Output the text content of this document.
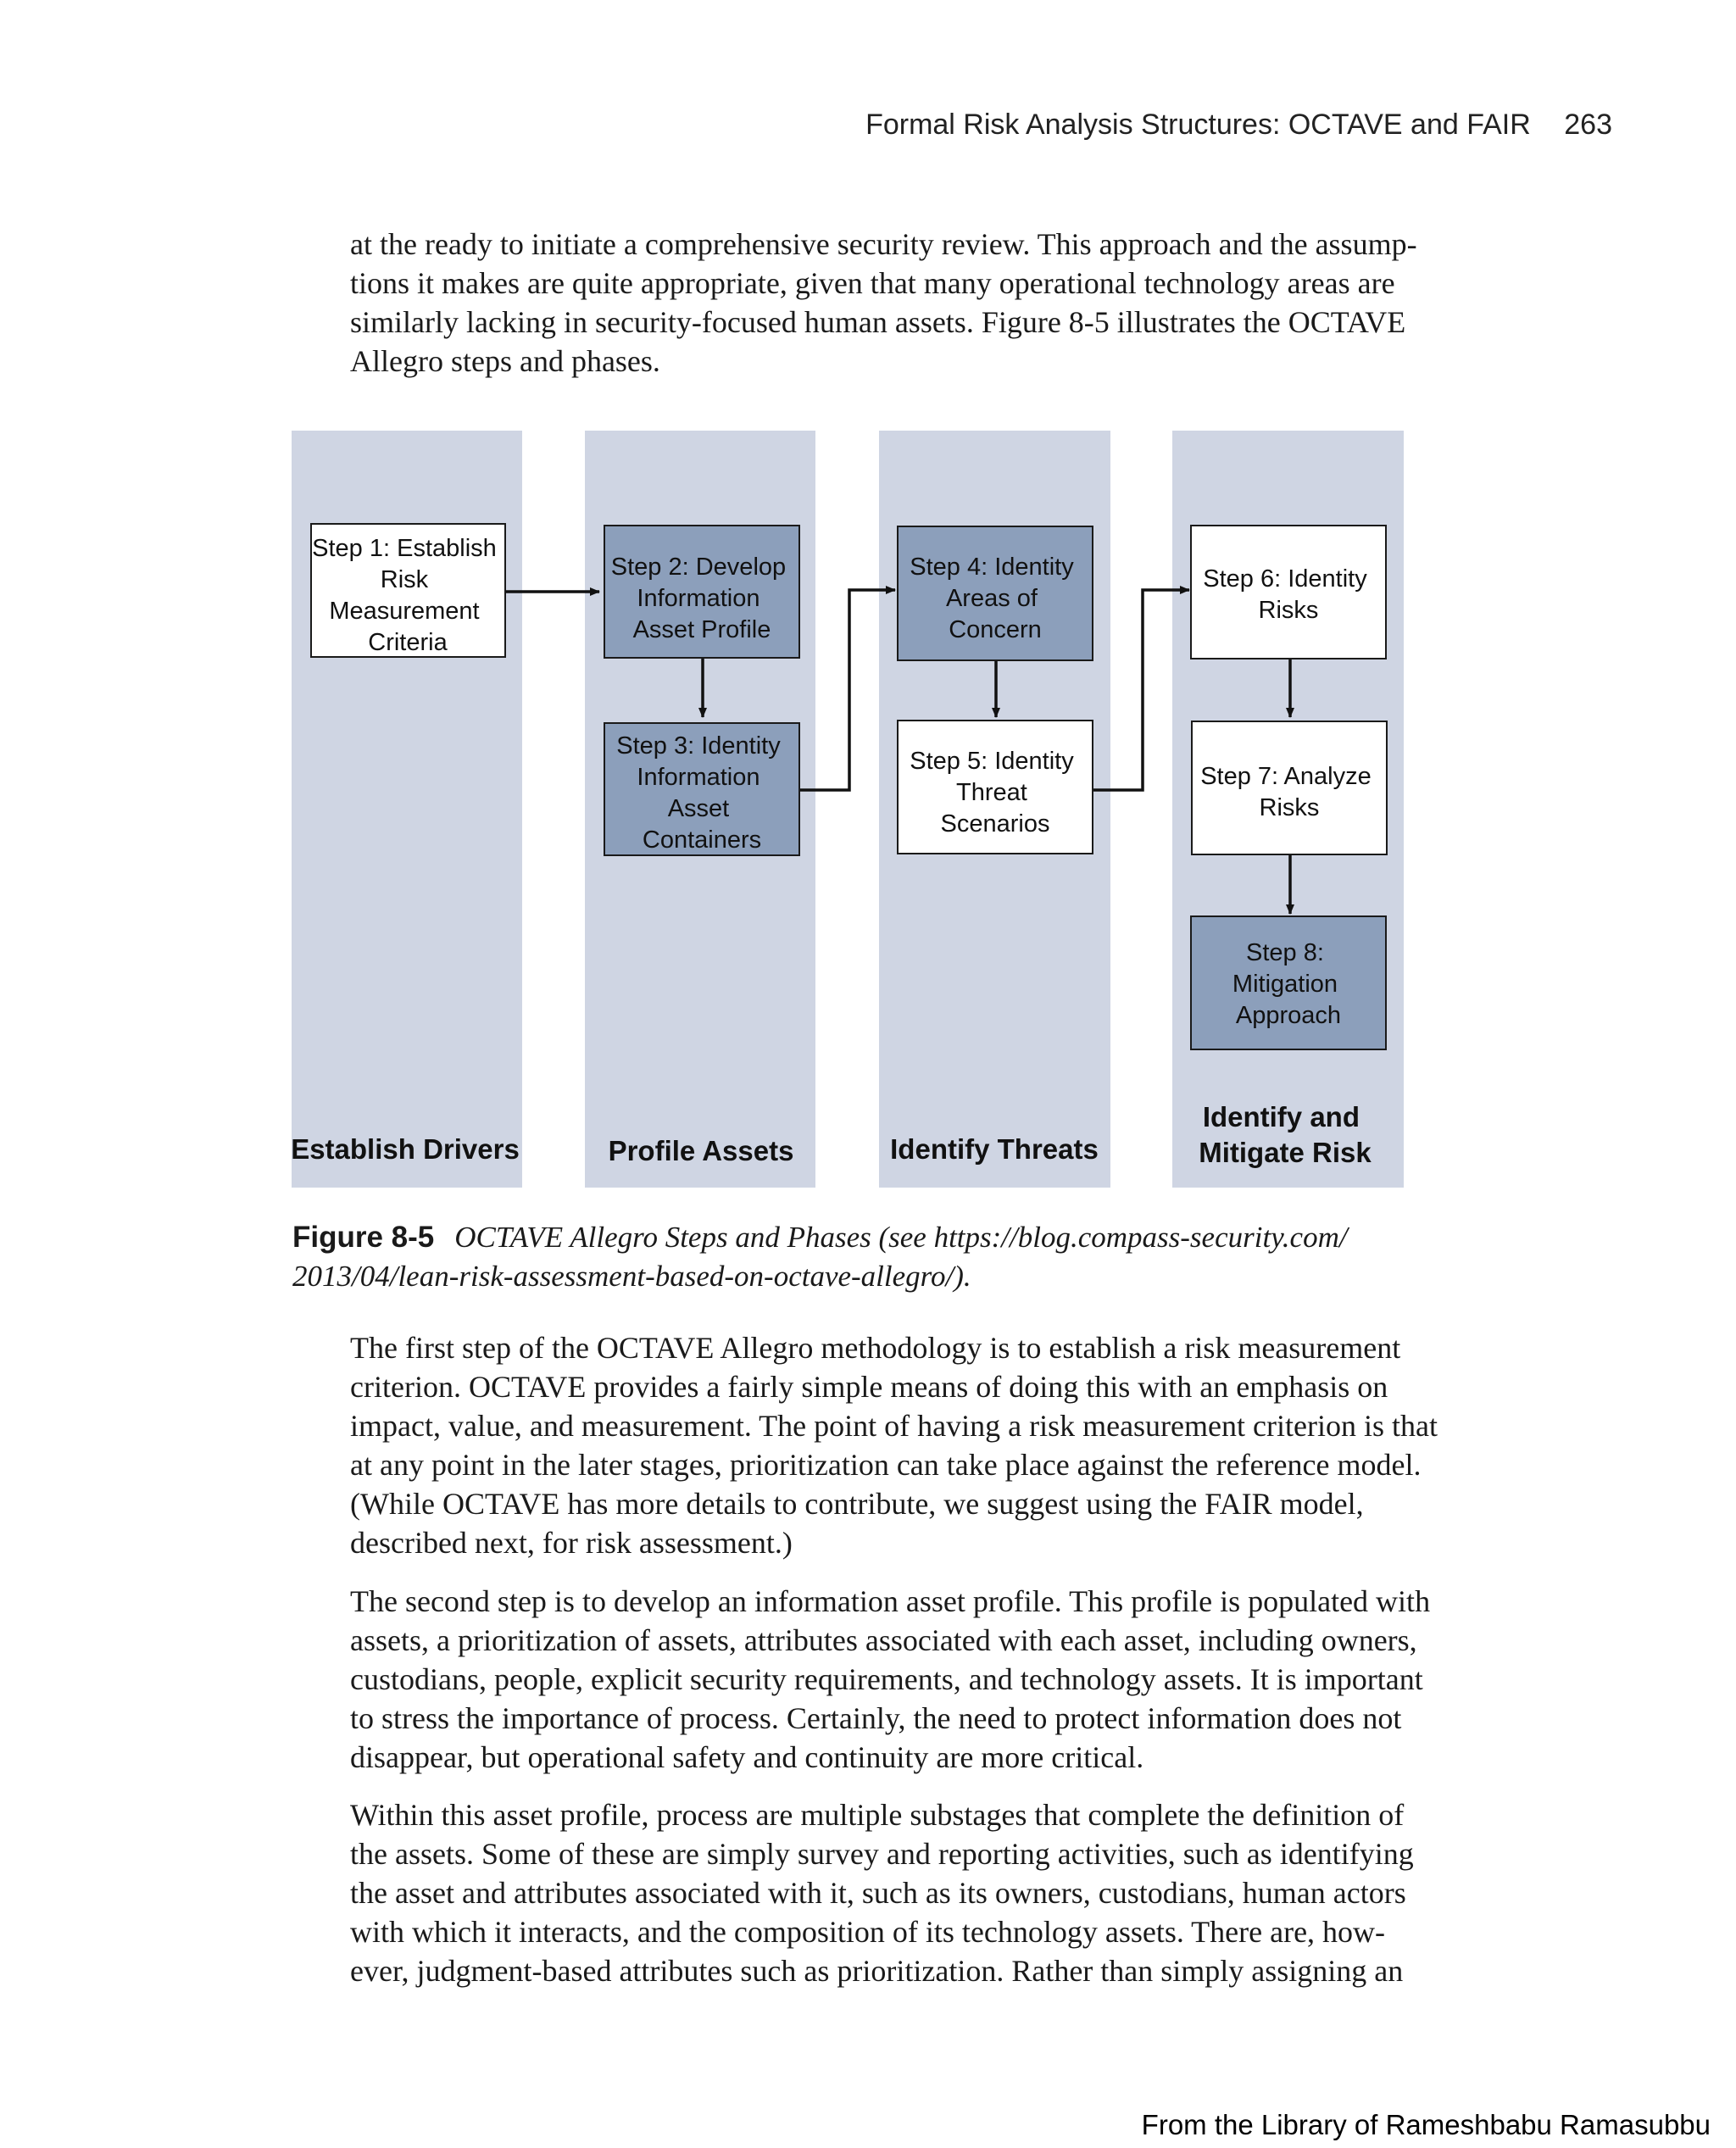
Formal Risk Analysis Structures: OCTAVE and FAIR 263

at the ready to initiate a comprehensive security review. This approach and the assump-
tions it makes are quite appropriate, given that many operational technology areas are
similarly lacking in security-focused human assets. Figure 8-5 illustrates the OCTAVE
Allegro steps and phases.

Step 1: Establish Risk Measurement Criteria
Step 2: Develop Information Asset Profile
Step 3: Identity Information Asset Containers
Step 4: Identity Areas of Concern
Step 5: Identity Threat Scenarios
Step 6: Identity Risks
Step 7: Analyze Risks
Step 8: Mitigation Approach
Establish Drivers	Profile Assets	Identify Threats
Identify and Mitigate Risk
Figure 8-5 OCTAVE Allegro Steps and Phases (see https://blog.compass-security.com/
2013/04/lean-risk-assessment-based-on-octave-allegro/).

The first step of the OCTAVE Allegro methodology is to establish a risk measurement
criterion. OCTAVE provides a fairly simple means of doing this with an emphasis on
impact, value, and measurement. The point of having a risk measurement criterion is that
at any point in the later stages, prioritization can take place against the reference model.
(While OCTAVE has more details to contribute, we suggest using the FAIR model,
described next, for risk assessment.)

The second step is to develop an information asset profile. This profile is populated with
assets, a prioritization of assets, attributes associated with each asset, including owners,
custodians, people, explicit security requirements, and technology assets. It is important
to stress the importance of process. Certainly, the need to protect information does not
disappear, but operational safety and continuity are more critical.

Within this asset profile, process are multiple substages that complete the definition of
the assets. Some of these are simply survey and reporting activities, such as identifying
the asset and attributes associated with it, such as its owners, custodians, human actors
with which it interacts, and the composition of its technology assets. There are, how-
ever, judgment-based attributes such as prioritization. Rather than simply assigning an

From the Library of Rameshbabu Ramasubbu
